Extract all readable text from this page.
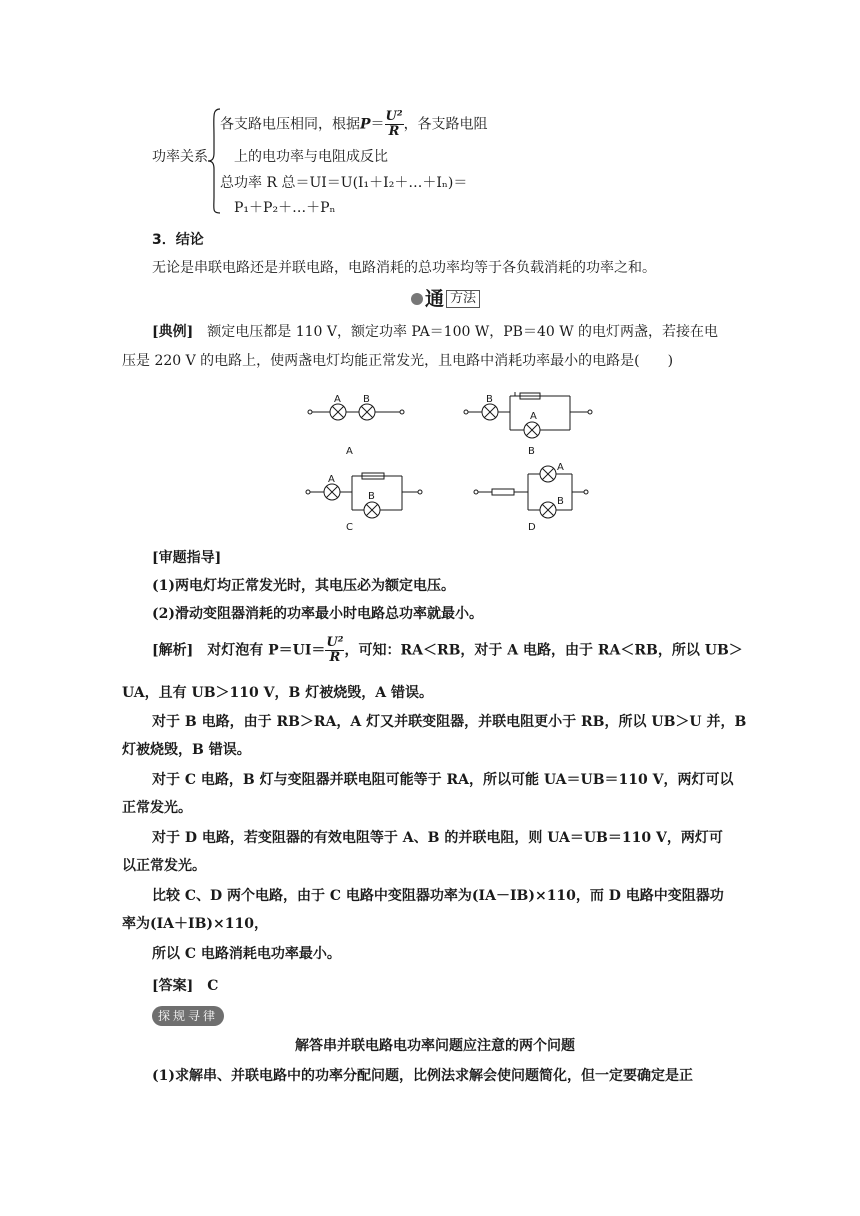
功率关系
各支路电压相同，根据$P= \frac{\text{U²}}{R}$ ，各支路电阻
上的电功率与电阻成反比
总功率 R 总＝UI＝U(I₁＋I₂＋…＋Iₙ)＝
P₁＋P₂＋…＋Pₙ
3．结论
无论是串联电路还是并联电路，电路消耗的总功率均等于各负载消耗的功率之和。
通 方法
[典例]　 额定电压都是 110 V，额定功率 PA＝100 W，PB＝40 W 的电灯两盏，若接在电
压是 220 V 的电路上，使两盏电灯均能正常发光，且电路中消耗功率最小的电路是(　　)
A B
A
B
A
B
A
B
C
A
B
D
[审题指导]
(1)两电灯均正常发光时，其电压必为额定电压。
(2)滑动变阻器消耗的功率最小时电路总功率就最小。
[解析]　 对灯泡有 $P=UI= \frac{\text{U²}}{R}$ ，可知：RA＜RB，对于 A 电路，由于 RA＜RB，所以 UB＞
UA，且有 UB＞110 V，B 灯被烧毁，A 错误。
对于 B 电路，由于 RB＞RA，A 灯又并联变阻器，并联电阻更小于 RB，所以 UB＞U 并，B
灯被烧毁，B 错误。
对于 C 电路，B 灯与变阻器并联电阻可能等于 RA，所以可能 UA＝UB＝110 V，两灯可以
正常发光。
对于 D 电路，若变阻器的有效电阻等于 A、B 的并联电阻，则 UA＝UB＝110 V，两灯可
以正常发光。
比较 C、D 两个电路，由于 C 电路中变阻器功率为(IA－IB)×110，而 D 电路中变阻器功
率为(IA＋IB)×110，
所以 C 电路消耗电功率最小。
[答案]　 C
探规寻律
解答串并联电路电功率问题应注意的两个问题
(1)求解串、并联电路中的功率分配问题，比例法求解会使问题简化，但一定要确定是正
